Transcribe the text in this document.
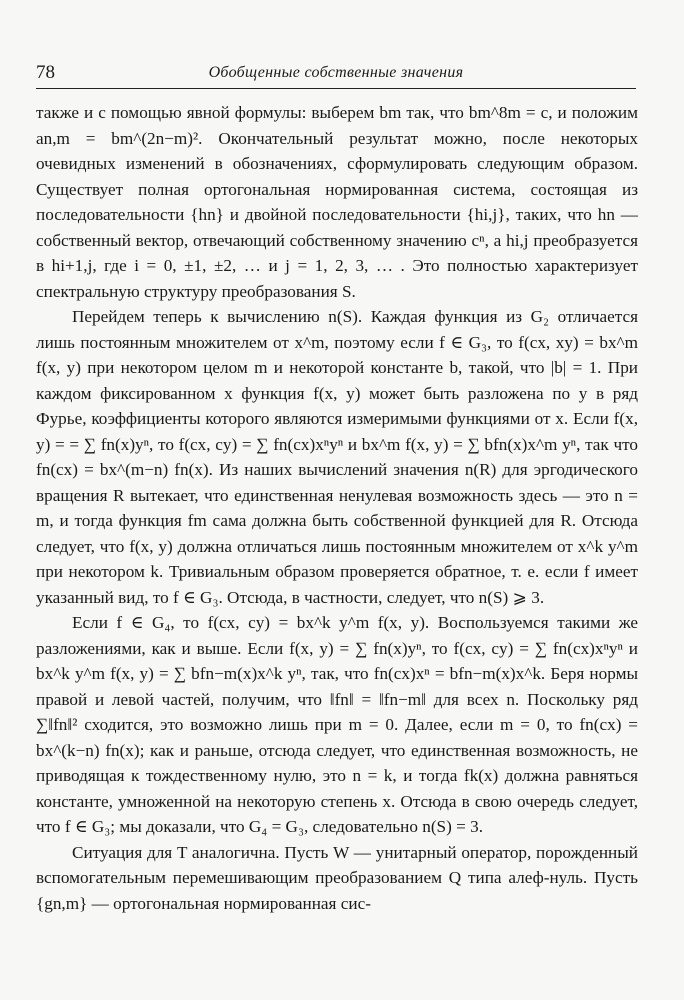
78	Обобщенные собственные значения

также и с помощью явной формулы: выберем bm так, что bm^8m = c, и положим an,m = bm^(2n−m)². Окончательный результат можно, после некоторых очевидных изменений в обозначениях, сформулировать следующим образом. Существует полная ортогональная нормированная система, состоящая из последовательности {hn} и двойной последовательности {hi,j}, таких, что hn — собственный вектор, отвечающий собственному значению cⁿ, а hi,j преобразуется в hi+1,j, где i = 0, ±1, ±2, … и j = 1, 2, 3, … . Это полностью характеризует спектральную структуру преобразования S.

Перейдем теперь к вычислению n(S). Каждая функция из G₂ отличается лишь постоянным множителем от x^m, поэтому если f ∈ G₃, то f(cx, xy) = bx^m f(x, y) при некотором целом m и некоторой константе b, такой, что |b| = 1. При каждом фиксированном x функция f(x, y) может быть разложена по y в ряд Фурье, коэффициенты которого являются измеримыми функциями от x. Если f(x, y) = = ∑ fn(x)yⁿ, то f(cx, cy) = ∑ fn(cx)xⁿyⁿ и bx^m f(x, y) = ∑ bfn(x)x^m yⁿ, так что fn(cx) = bx^(m−n) fn(x). Из наших вычислений значения n(R) для эргодического вращения R вытекает, что единственная ненулевая возможность здесь — это n = m, и тогда функция fm сама должна быть собственной функцией для R. Отсюда следует, что f(x, y) должна отличаться лишь постоянным множителем от x^k y^m при некотором k. Тривиальным образом проверяется обратное, т. е. если f имеет указанный вид, то f ∈ G₃. Отсюда, в частности, следует, что n(S) ⩾ 3.

Если f ∈ G₄, то f(cx, cy) = bx^k y^m f(x, y). Воспользуемся такими же разложениями, как и выше. Если f(x, y) = ∑ fn(x)yⁿ, то f(cx, cy) = ∑ fn(cx)xⁿyⁿ и bx^k y^m f(x, y) = ∑ bfn−m(x)x^k yⁿ, так, что fn(cx)xⁿ = bfn−m(x)x^k. Беря нормы правой и левой частей, получим, что ‖fn‖ = ‖fn−m‖ для всех n. Поскольку ряд ∑‖fn‖² сходится, это возможно лишь при m = 0. Далее, если m = 0, то fn(cx) = bx^(k−n) fn(x); как и раньше, отсюда следует, что единственная возможность, не приводящая к тождественному нулю, это n = k, и тогда fk(x) должна равняться константе, умноженной на некоторую степень x. Отсюда в свою очередь следует, что f ∈ G₃; мы доказали, что G₄ = G₃, следовательно n(S) = 3.

Ситуация для T аналогична. Пусть W — унитарный оператор, порожденный вспомогательным перемешивающим преобразованием Q типа алеф-нуль. Пусть {gn,m} — ортогональная нормированная сис-
